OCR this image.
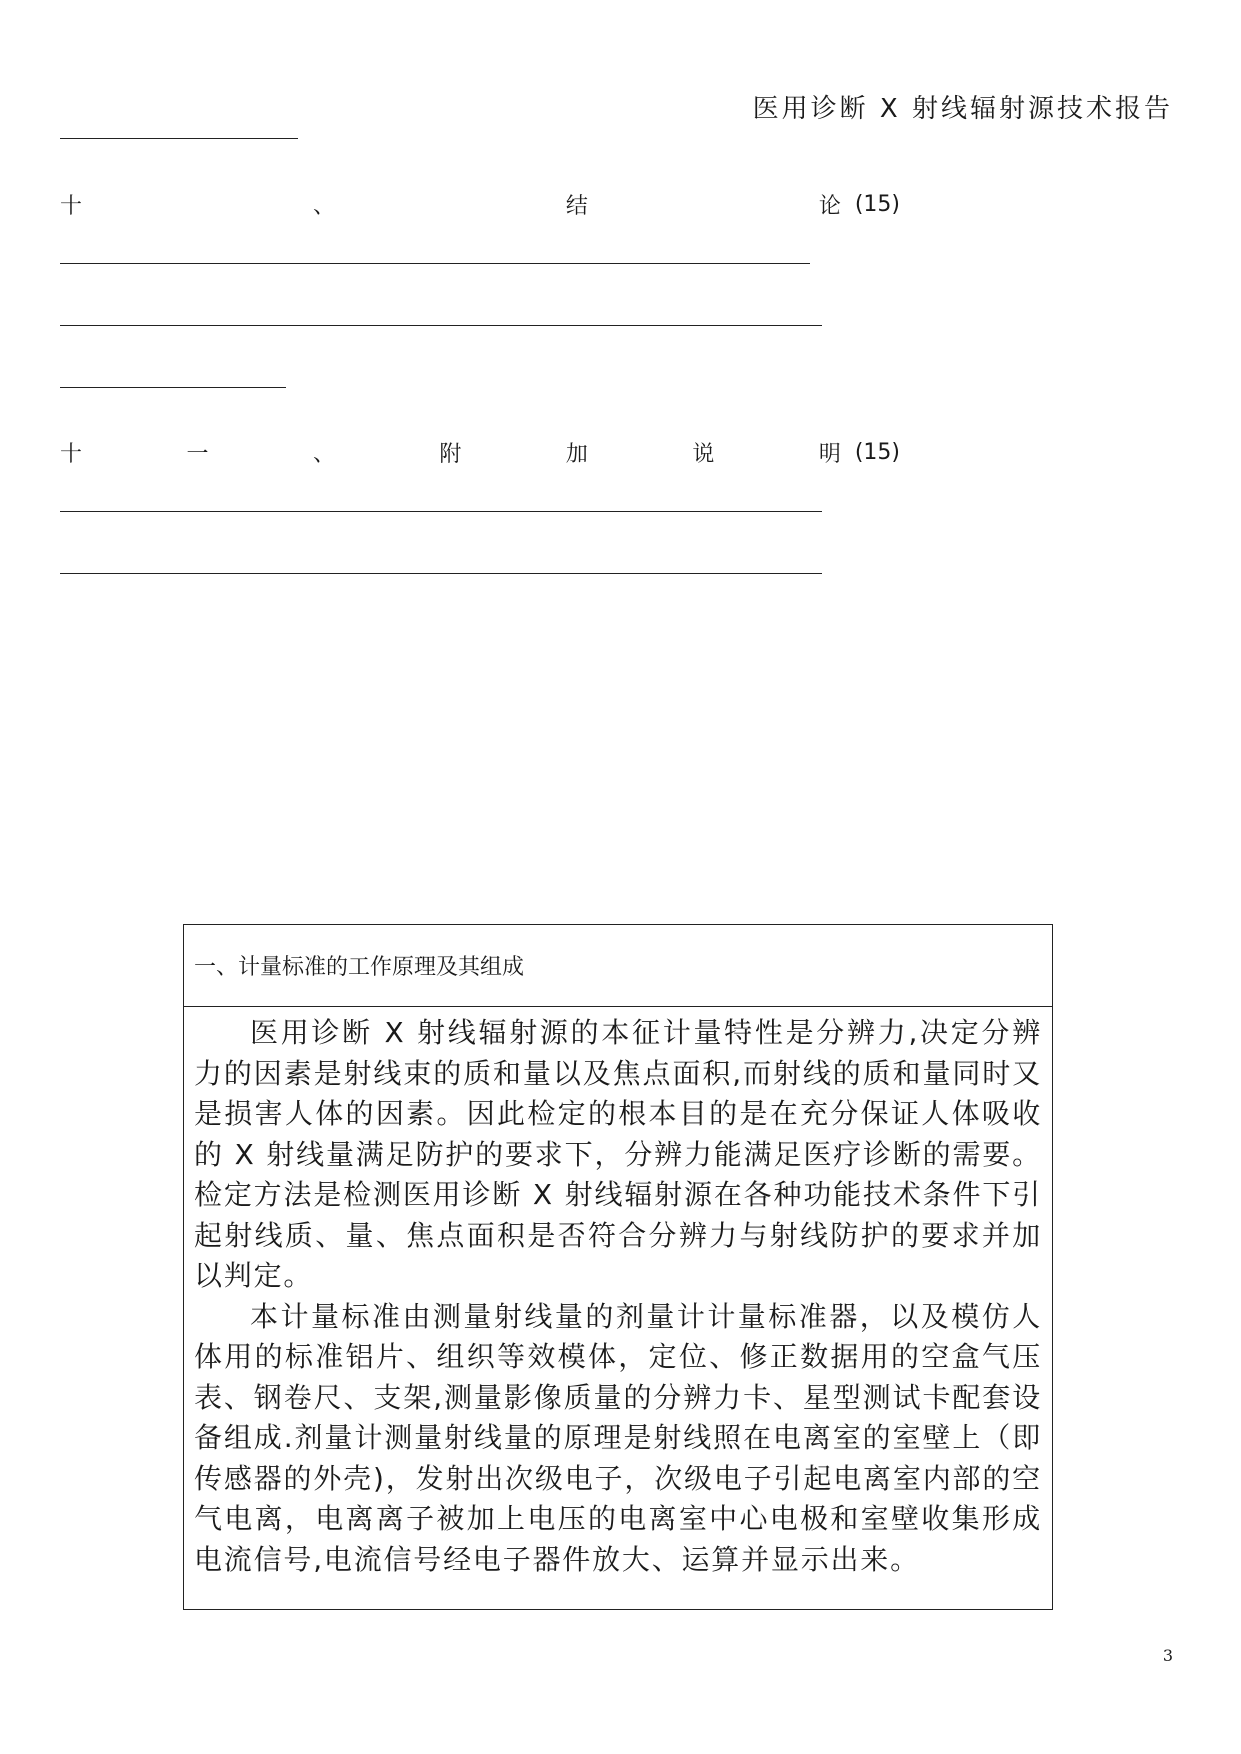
医用诊断 X 射线辐射源技术报告
十	、	结	论 (15)
十	一	、	附	加	说	明 (15)
一、计量标准的工作原理及其组成

医用诊断 X 射线辐射源的本征计量特性是分辨力,决定分辨力的因素是射线束的质和量以及焦点面积,而射线的质和量同时又是损害人体的因素。因此检定的根本目的是在充分保证人体吸收的 X 射线量满足防护的要求下，分辨力能满足医疗诊断的需要。检定方法是检测医用诊断 X 射线辐射源在各种功能技术条件下引起射线质、量、焦点面积是否符合分辨力与射线防护的要求并加以判定。

本计量标准由测量射线量的剂量计计量标准器，以及模仿人体用的标准铝片、组织等效模体，定位、修正数据用的空盒气压表、钢卷尺、支架,测量影像质量的分辨力卡、星型测试卡配套设备组成.剂量计测量射线量的原理是射线照在电离室的室壁上（即传感器的外壳)，发射出次级电子，次级电子引起电离室内部的空气电离，电离离子被加上电压的电离室中心电极和室壁收集形成电流信号,电流信号经电子器件放大、运算并显示出来。

3
